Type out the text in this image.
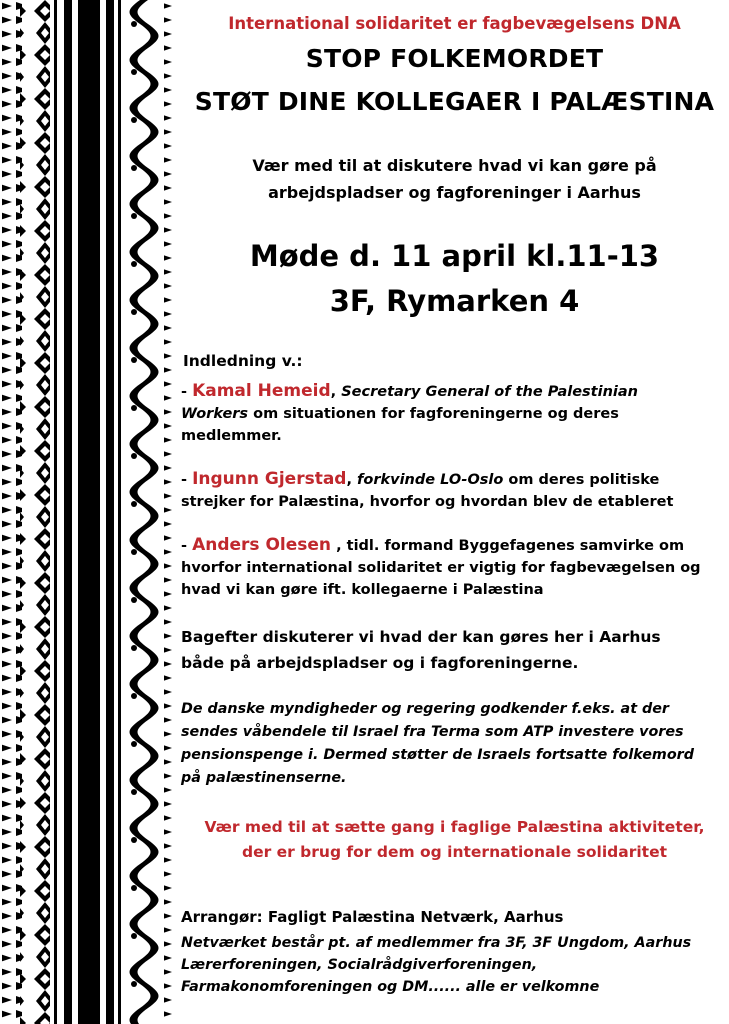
International solidaritet er fagbevægelsens DNA
STOP FOLKEMORDET
STØT DINE KOLLEGAER I PALÆSTINA
Vær med til at diskutere hvad vi kan gøre på
arbejdspladser og fagforeninger i Aarhus
Møde d. 11 april kl.11-13
3F, Rymarken 4
Indledning v.:
- Kamal Hemeid, Secretary General of the Palestinian Workers om situationen for fagforeningerne og deres medlemmer.
- Ingunn Gjerstad, forkvinde LO-Oslo om deres politiske strejker for Palæstina, hvorfor og hvordan blev de etableret
- Anders Olesen , tidl. formand Byggefagenes samvirke om hvorfor international solidaritet er vigtig for fagbevægelsen og hvad vi kan gøre ift. kollegaerne i Palæstina
Bagefter diskuterer vi hvad der kan gøres her i Aarhus
både på arbejdspladser og i fagforeningerne.
De danske myndigheder og regering godkender f.eks. at der sendes våbendele til Israel fra Terma som ATP investere vores pensionspenge i. Dermed støtter de Israels fortsatte folkemord på palæstinenserne.
Vær med til at sætte gang i faglige Palæstina aktiviteter,
der er brug for dem og internationale solidaritet
Arrangør: Fagligt Palæstina Netværk, Aarhus
Netværket består pt. af medlemmer fra 3F, 3F Ungdom, Aarhus Lærerforeningen, Socialrådgiverforeningen, Farmakonomforeningen og DM...... alle er velkomne
